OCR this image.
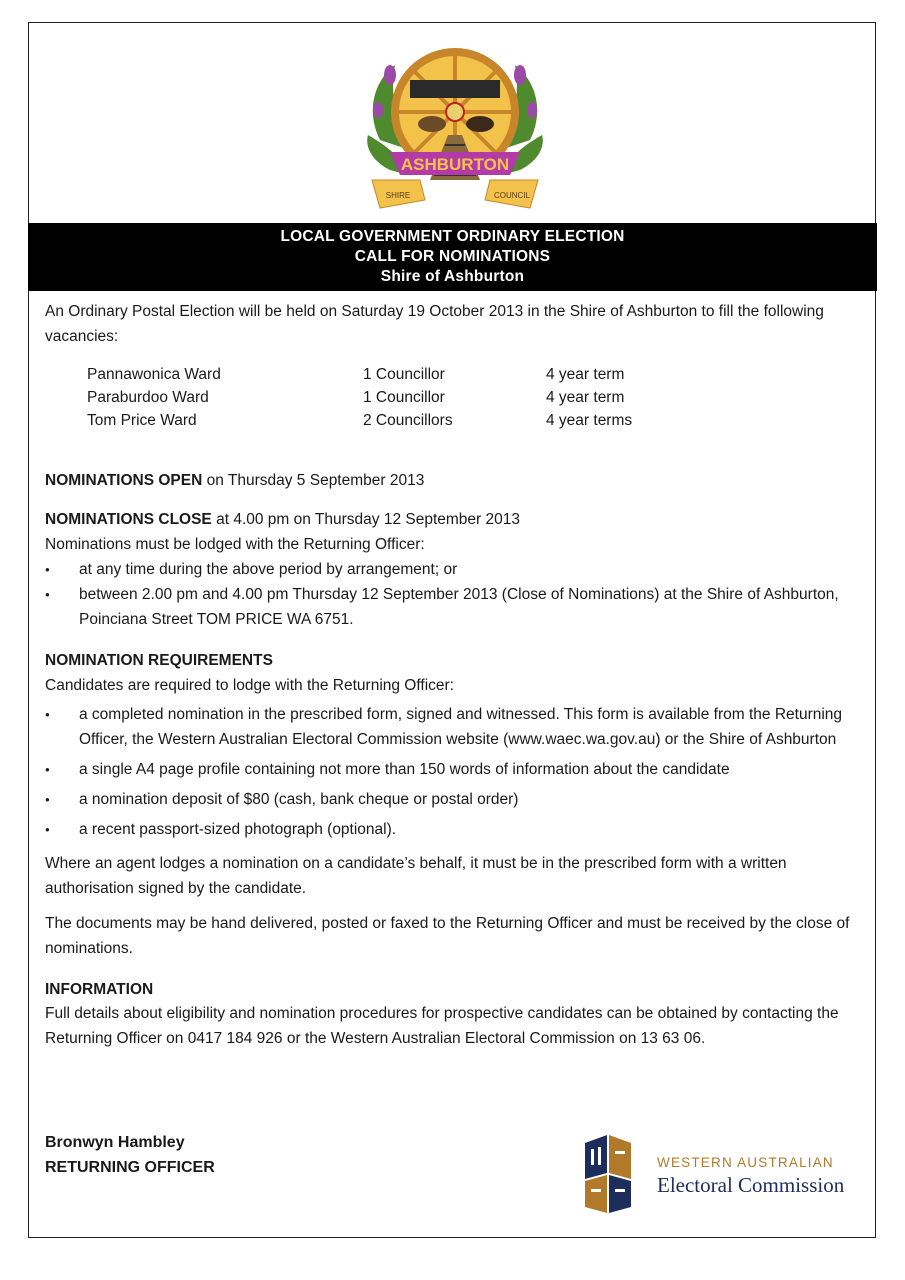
ASHBURTON
SHIRE	COUNCIL
LOCAL GOVERNMENT ORDINARY ELECTION
CALL FOR NOMINATIONS
Shire of Ashburton

An Ordinary Postal Election will be held on Saturday 19 October 2013 in the Shire of Ashburton to fill the following vacancies:

Pannawonica Ward	1 Councillor	4 year term
Paraburdoo Ward	1 Councillor	4 year term
Tom Price Ward	2 Councillors	4 year terms

NOMINATIONS OPEN on Thursday 5 September 2013

NOMINATIONS CLOSE at 4.00 pm on Thursday 12 September 2013

Nominations must be lodged with the Returning Officer:

● at any time during the above period by arrangement; or
● between 2.00 pm and 4.00 pm Thursday 12 September 2013 (Close of Nominations) at the Shire of Ashburton, Poinciana Street TOM PRICE WA 6751.

NOMINATION REQUIREMENTS

Candidates are required to lodge with the Returning Officer:

● a completed nomination in the prescribed form, signed and witnessed. This form is available from the Returning Officer, the Western Australian Electoral Commission website (www.waec.wa.gov.au) or the Shire of Ashburton
● a single A4 page profile containing not more than 150 words of information about the candidate
● a nomination deposit of $80 (cash, bank cheque or postal order)
● a recent passport-sized photograph (optional).

Where an agent lodges a nomination on a candidate’s behalf, it must be in the prescribed form with a written authorisation signed by the candidate.

The documents may be hand delivered, posted or faxed to the Returning Officer and must be received by the close of nominations.

INFORMATION

Full details about eligibility and nomination procedures for prospective candidates can be obtained by contacting the Returning Officer on 0417 184 926 or the Western Australian Electoral Commission on 13 63 06.

Bronwyn Hambley
RETURNING OFFICER	WESTERN AUSTRALIAN
Electoral Commission
